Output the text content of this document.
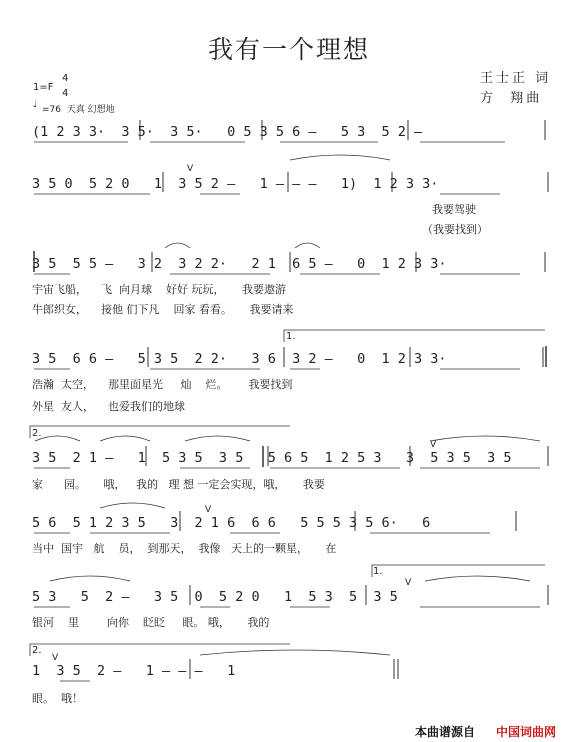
我有一个理想
王士正 词
方  翔曲
1=F
4
4
♩ =76  天真 幻想地
(1 2 3 3·  3 5·  3 5·   0 5 3 5 6 –   5 3  5 2 –
3 5 0  5 2 0   1  3 5 2 –   1 – – –   1)  1 2 3 3·
V
我要驾驶
（我要找到）
3 5  5 5 –   3 2  3 2 2·   2 1  6 5 –   0  1 2 3 3·
宇宙飞船，    飞  向月球    好好 玩玩，     我要遨游
牛郎织女，    接他 们下凡    回家 看看。     我要请来
3 5  6 6 –   5 3 5  2 2·   3 6  3 2 –   0  1 2 3 3·
浩瀚  太空，    那里面星光     灿    烂。      我要找到
外星  友人，    也爱我们的地球
1.
2.
3 5  2 1 –   1  5 3 5  3 5   5 6 5  1 2 5 3   3  5 3 5  3 5
V
家      园。     哦，   我的   理 想 一定会实现，哦，     我要
5 6  5 1 2 3 5   3  2 1 6  6 6   5 5 5 3 5 6·   6
V
当中  国宇   航    员，  到那天，  我像   天上的一颗星，     在
5 3   5  2 –   3 5  0  5 2 0   1  5 3  5  3 5
V
1.
银河    里        向你    眨眨     眼。 哦，     我的
2.
1  3 5  2 –   1 – – –   1
V
眼。  哦！
本曲谱源自 中国词曲网
